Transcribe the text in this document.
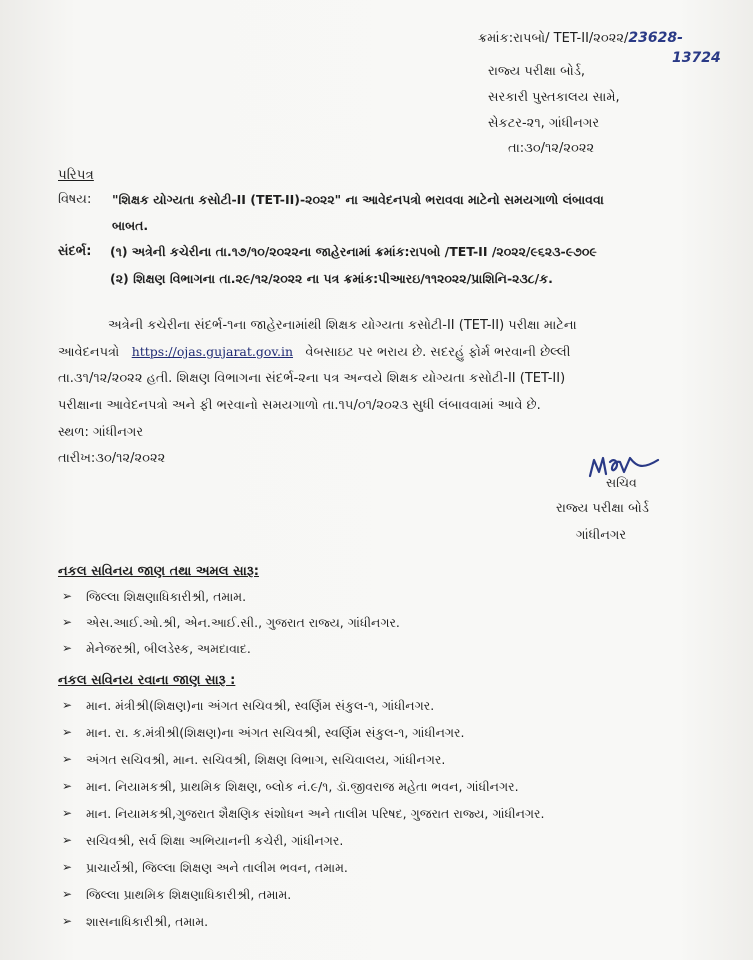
ક્રમાંક:રાપબો/ TET-II/૨૦૨૨/23628-
13724
રાજ્ય પરીક્ષા બોર્ડ,
સરકારી પુસ્તકાલય સામે,
સેકટર-૨૧, ગાંધીનગર
તા:૩૦/૧૨/૨૦૨૨
પરિપત્ર
વિષય: "શિક્ષક યોગ્યતા કસોટી-II (TET-II)-૨૦૨૨" ના આવેદનપત્રો ભરાવવા માટેનો સમયગાળો લંબાવવા
બાબત.
સંદર્ભ: (૧) અત્રેની કચેરીના તા.૧૭/૧૦/૨૦૨૨ના જાહેરનામાં ક્રમાંક:રાપબો /TET-II /૨૦૨૨/૯૬૨૩-૯૭૦૯
(૨) શિક્ષણ વિભાગના તા.૨૯/૧૨/૨૦૨૨ ના પત્ર ક્રમાંક:પીઆરઇ/૧૧૨૦૨૨/પ્રાશિનિ-૨૩૮/ક.
અત્રેની કચેરીના સંદર્ભ-૧ના જાહેરનામાંથી શિક્ષક યોગ્યતા કસોટી-II (TET-II) પરીક્ષા માટેના
આવેદનપત્રો https://ojas.gujarat.gov.in વેબસાઇટ પર ભરાય છે. સદરહું ફોર્મ ભરવાની છેલ્લી
તા.૩૧/૧૨/૨૦૨૨ હતી. શિક્ષણ વિભાગના સંદર્ભ-૨ના પત્ર અન્વયે શિક્ષક યોગ્યતા કસોટી-II (TET-II)
પરીક્ષાના આવેદનપત્રો અને ફી ભરવાનો સમયગાળો તા.૧૫/૦૧/૨૦૨૩ સુધી લંબાવવામાં આવે છે.
સ્થળ: ગાંધીનગર
તારીખ:૩૦/૧૨/૨૦૨૨
સચિવ
રાજ્ય પરીક્ષા બોર્ડ
ગાંધીનગર
નકલ સવિનય જાણ તથા અમલ સારૂ:
➢ જિલ્લા શિક્ષણાધિકારીશ્રી, તમામ.
➢ એસ.આઈ.ઓ.શ્રી, એન.આઈ.સી., ગુજરાત રાજ્ય, ગાંધીનગર.
➢ મેનેજરશ્રી, બીલડેસ્ક, અમદાવાદ.
નકલ સવિનય રવાના જાણ સારૂ :
➢ માન. મંત્રીશ્રી(શિક્ષણ)ના અંગત સચિવશ્રી, સ્વર્ણિમ સંકુલ-૧, ગાંધીનગર.
➢ માન. રા. ક.મંત્રીશ્રી(શિક્ષણ)ના અંગત સચિવશ્રી, સ્વર્ણિમ સંકુલ-૧, ગાંધીનગર.
➢ અંગત સચિવશ્રી, માન. સચિવશ્રી, શિક્ષણ વિભાગ, સચિવાલય, ગાંધીનગર.
➢ માન. નિયામકશ્રી, પ્રાથમિક શિક્ષણ, બ્લોક નં.૯/૧, ડૉ.જીવરાજ મહેતા ભવન, ગાંધીનગર.
➢ માન. નિયામકશ્રી,ગુજરાત શૈક્ષણિક સંશોધન અને તાલીમ પરિષદ, ગુજરાત રાજ્ય, ગાંધીનગર.
➢ સચિવશ્રી, સર્વ શિક્ષા અભિયાનની કચેરી, ગાંધીનગર.
➢ પ્રાચાર્યશ્રી, જિલ્લા શિક્ષણ અને તાલીમ ભવન, તમામ.
➢ જિલ્લા પ્રાથમિક શિક્ષણાધિકારીશ્રી, તમામ.
➢ શાસનાધિકારીશ્રી, તમામ.
